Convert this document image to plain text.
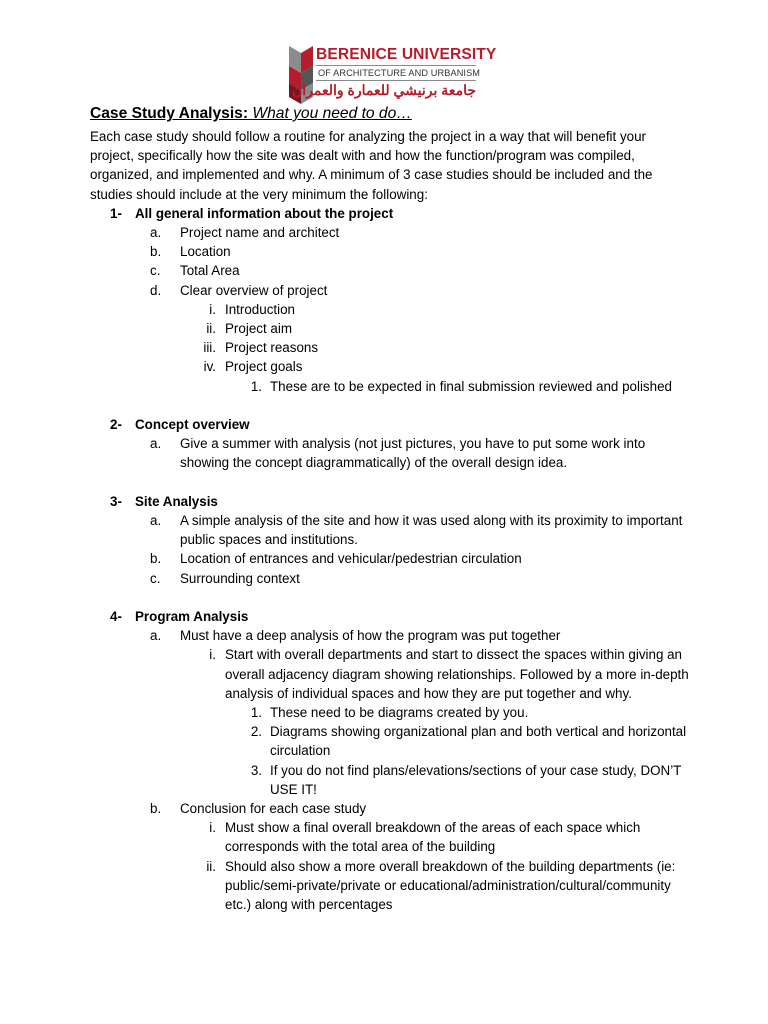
BERENICE UNIVERSITY
OF ARCHITECTURE AND URBANISM
جامعة برنيشي للعمارة والعمران
Case Study Analysis: What you need to do…

Each case study should follow a routine for analyzing the project in a way that will benefit your project, specifically how the site was dealt with and how the function/program was compiled, organized, and implemented and why. A minimum of 3 case studies should be included and the studies should include at the very minimum the following:

1- All general information about the project
a.	Project name and architect
b.	Location
c.	Total Area
d.	Clear overview of project
i. Introduction
ii. Project aim
iii. Project reasons
iv. Project goals
1. These are to be expected in final submission reviewed and polished
2- Concept overview
a.	Give a summer with analysis (not just pictures, you have to put some work into showing the concept diagrammatically) of the overall design idea.
3- Site Analysis
a.	A simple analysis of the site and how it was used along with its proximity to important public spaces and institutions.
b.	Location of entrances and vehicular/pedestrian circulation
c.	Surrounding context
4- Program Analysis
a.	Must have a deep analysis of how the program was put together
i. Start with overall departments and start to dissect the spaces within giving an overall adjacency diagram showing relationships. Followed by a more in-depth analysis of individual spaces and how they are put together and why.
1. These need to be diagrams created by you.
2. Diagrams showing organizational plan and both vertical and horizontal circulation
3. If you do not find plans/elevations/sections of your case study, DON’T USE IT!
b.	Conclusion for each case study
i. Must show a final overall breakdown of the areas of each space which corresponds with the total area of the building
ii. Should also show a more overall breakdown of the building departments (ie: public/semi-private/private or educational/administration/cultural/community etc.) along with percentages
